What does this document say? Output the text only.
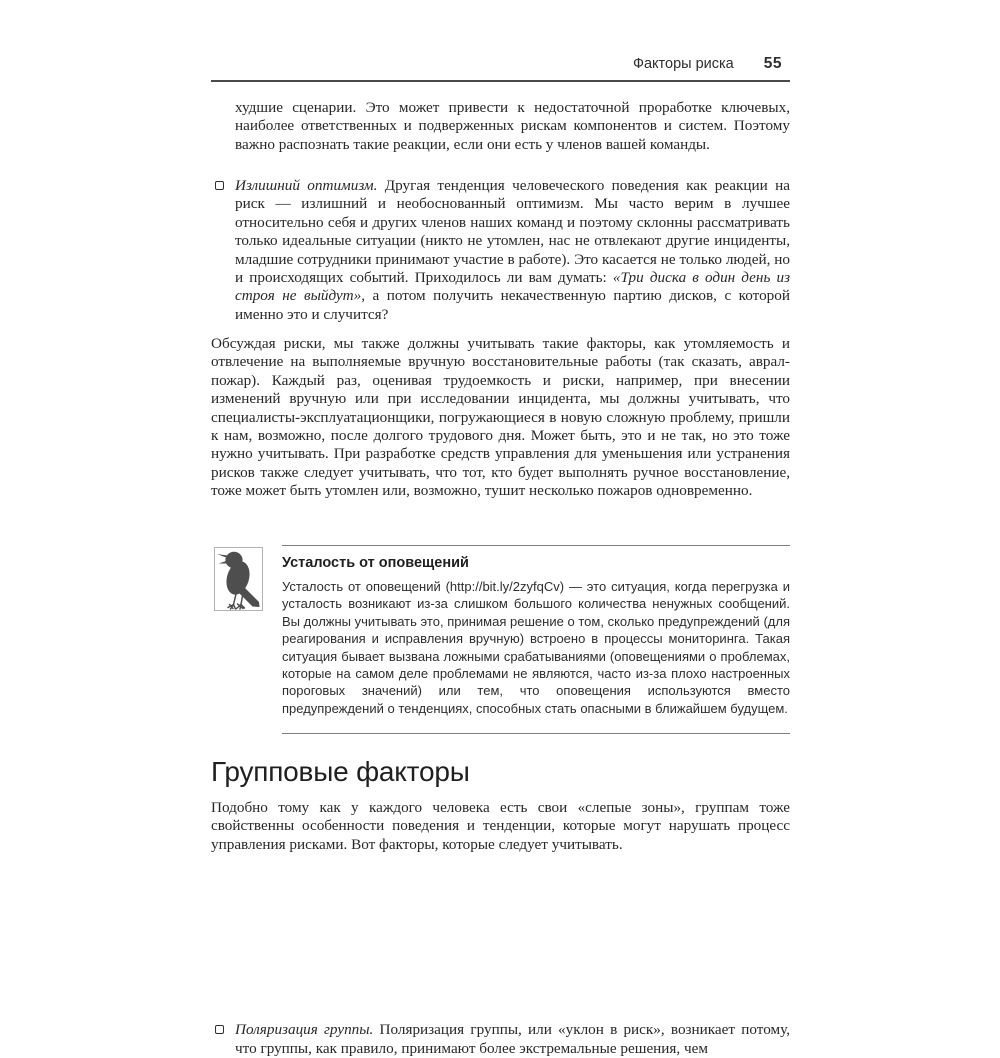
Факторы риска 55
худшие сценарии. Это может привести к недостаточной проработке ключевых, наиболее ответственных и подверженных рискам компонентов и систем. Поэтому важно распознать такие реакции, если они есть у членов вашей команды.
Излишний оптимизм. Другая тенденция человеческого поведения как реакции на риск — излишний и необоснованный оптимизм. Мы часто верим в лучшее относительно себя и других членов наших команд и поэтому склонны рассматривать только идеальные ситуации (никто не утомлен, нас не отвлекают другие инциденты, младшие сотрудники принимают участие в работе). Это касается не только людей, но и происходящих событий. Приходилось ли вам думать: «Три диска в один день из строя не выйдут», а потом получить некачественную партию дисков, с которой именно это и случится?
Обсуждая риски, мы также должны учитывать такие факторы, как утомляемость и отвлечение на выполняемые вручную восстановительные работы (так сказать, аврал-пожар). Каждый раз, оценивая трудоемкость и риски, например, при внесении изменений вручную или при исследовании инцидента, мы должны учитывать, что специалисты-эксплуатационщики, погружающиеся в новую сложную проблему, пришли к нам, возможно, после долгого трудового дня. Может быть, это и не так, но это тоже нужно учитывать. При разработке средств управления для уменьшения или устранения рисков также следует учитывать, что тот, кто будет выполнять ручное восстановление, тоже может быть утомлен или, возможно, тушит несколько пожаров одновременно.
Усталость от оповещений
Усталость от оповещений (http://bit.ly/2zyfqCv) — это ситуация, когда перегрузка и усталость возникают из-за слишком большого количества ненужных сообщений. Вы должны учитывать это, принимая решение о том, сколько предупреждений (для реагирования и исправления вручную) встроено в процессы мониторинга. Такая ситуация бывает вызвана ложными срабатываниями (оповещениями о проблемах, которые на самом деле проблемами не являются, часто из-за плохо настроенных пороговых значений) или тем, что оповещения используются вместо предупреждений о тенденциях, способных стать опасными в ближайшем будущем.
Групповые факторы
Подобно тому как у каждого человека есть свои «слепые зоны», группам тоже свойственны особенности поведения и тенденции, которые могут нарушать процесс управления рисками. Вот факторы, которые следует учитывать.
Поляризация группы. Поляризация группы, или «уклон в риск», возникает потому, что группы, как правило, принимают более экстремальные решения, чем
